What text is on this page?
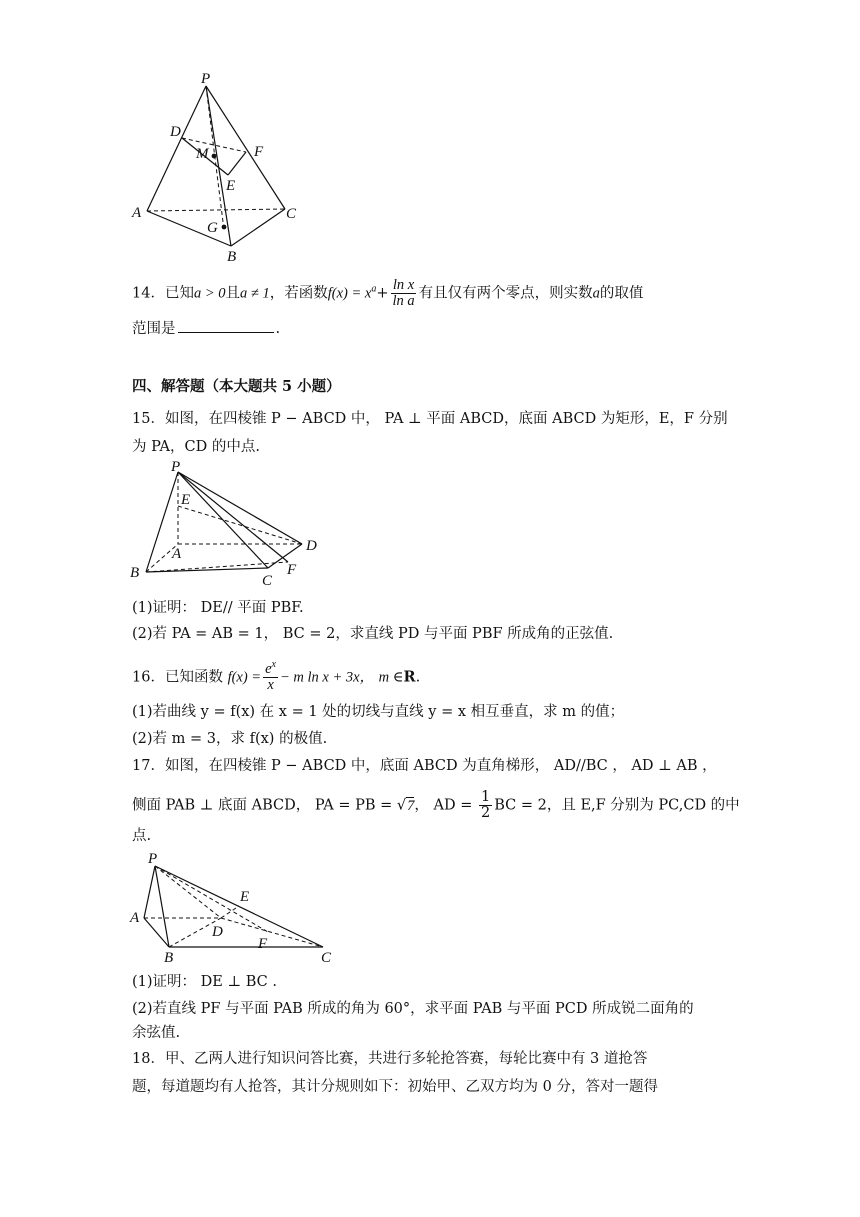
P
D
M	F
E
A	C
G
B
14．已知a > 0且a ≠ 1，若函数$f(x) = x^a+ \frac{\text{ln x}}{\text{ln a}}$ 有且仅有两个零点，则实数a的取值
范围是	.
四、解答题（本大题共 5 小题）
15．如图，在四棱锥 P − ABCD 中， PA ⊥ 平面 ABCD，底面 ABCD 为矩形，E，F 分别
为 PA，CD 的中点.
P
E
A	D
B	C
F
(1)证明： DE// 平面 PBF.
(2)若 PA = AB = 1， BC = 2，求直线 PD 与平面 PBF 所成角的正弦值.
16．已知函数 $f(x) = \frac{e^x}{x} - m$ ln x + 3x， m ∈R.
(1)若曲线 y = f(x) 在 x = 1 处的切线与直线 y = x 相互垂直，求 m 的值；
(2)若 m = 3，求 f(x) 的极值.
17．如图，在四棱锥 P − ABCD 中，底面 ABCD 为直角梯形， AD//BC ， AD ⊥ AB ，
侧面 PAB ⊥ 底面 ABCD， PA = PB = √7， AD = $\frac{1}{2}$ BC = 2，且 E,F 分别为 PC,CD 的中
点.
P
E
A
D
F
B	C
(1)证明： DE ⊥ BC .
(2)若直线 PF 与平面 PAB 所成的角为 60°，求平面 PAB 与平面 PCD 所成锐二面角的
余弦值.
18．甲、乙两人进行知识问答比赛，共进行多轮抢答赛，每轮比赛中有 3 道抢答
题，每道题均有人抢答，其计分规则如下：初始甲、乙双方均为 0 分，答对一题得
